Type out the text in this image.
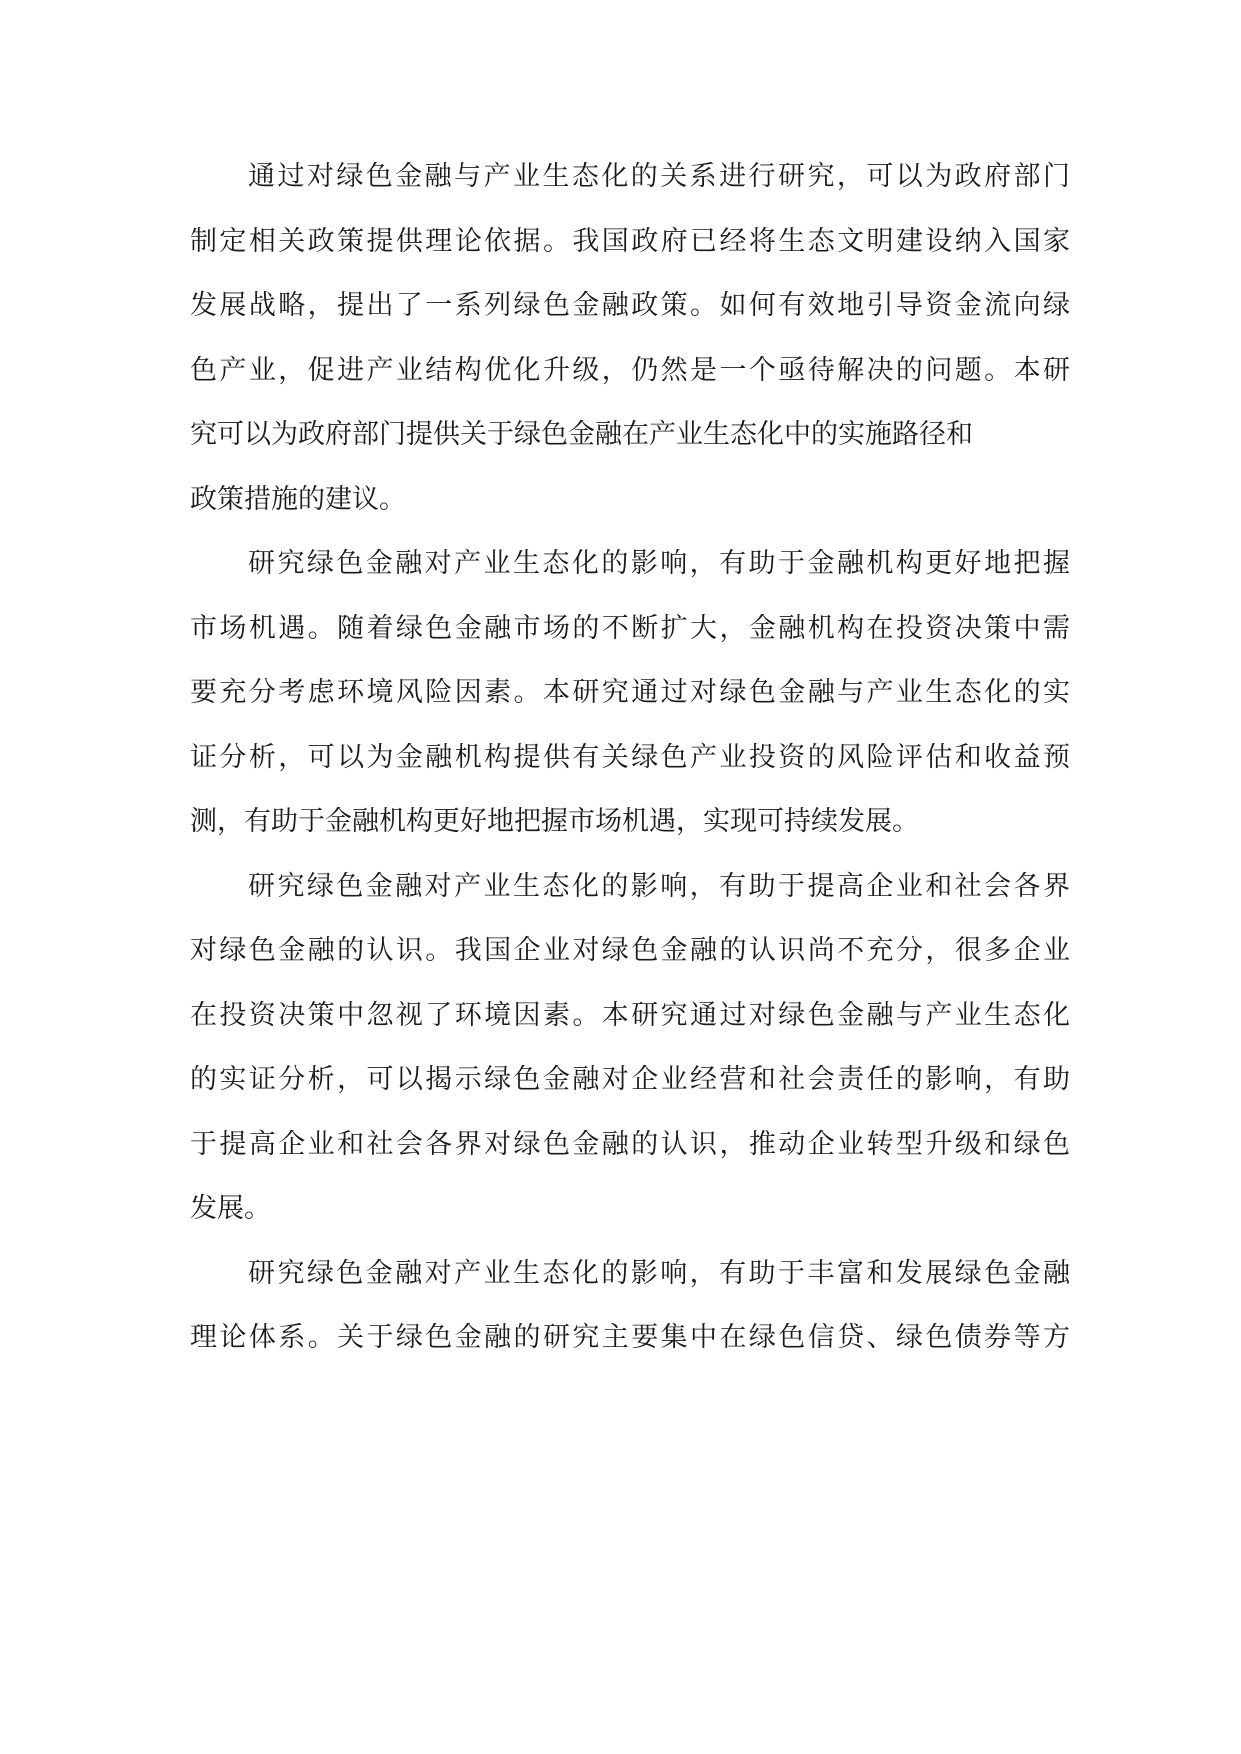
通过对绿色金融与产业生态化的关系进行研究，可以为政府部门
制定相关政策提供理论依据。我国政府已经将生态文明建设纳入国家
发展战略，提出了一系列绿色金融政策。如何有效地引导资金流向绿
色产业，促进产业结构优化升级，仍然是一个亟待解决的问题。本研
究可以为政府部门提供关于绿色金融在产业生态化中的实施路径和
政策措施的建议。
研究绿色金融对产业生态化的影响，有助于金融机构更好地把握
市场机遇。随着绿色金融市场的不断扩大，金融机构在投资决策中需
要充分考虑环境风险因素。本研究通过对绿色金融与产业生态化的实
证分析，可以为金融机构提供有关绿色产业投资的风险评估和收益预
测，有助于金融机构更好地把握市场机遇，实现可持续发展。
研究绿色金融对产业生态化的影响，有助于提高企业和社会各界
对绿色金融的认识。我国企业对绿色金融的认识尚不充分，很多企业
在投资决策中忽视了环境因素。本研究通过对绿色金融与产业生态化
的实证分析，可以揭示绿色金融对企业经营和社会责任的影响，有助
于提高企业和社会各界对绿色金融的认识，推动企业转型升级和绿色
发展。
研究绿色金融对产业生态化的影响，有助于丰富和发展绿色金融
理论体系。关于绿色金融的研究主要集中在绿色信贷、绿色债券等方
